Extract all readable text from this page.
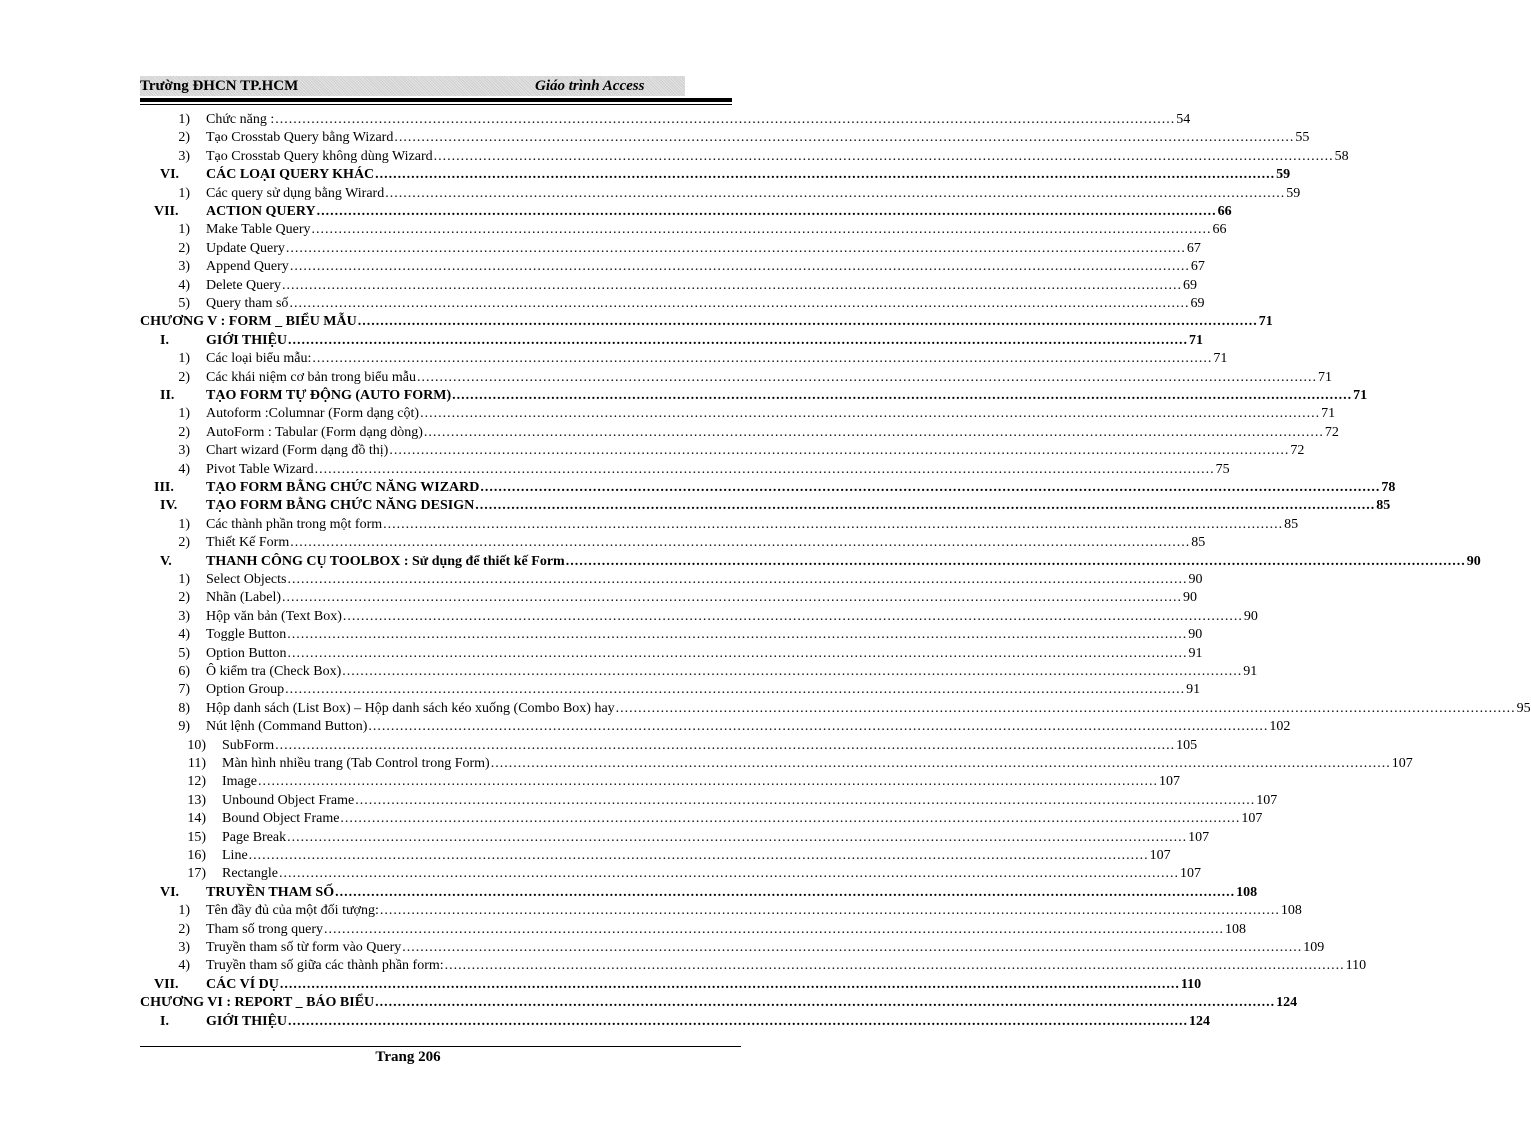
Trường ĐHCN TP.HCM	Giáo trình Access
1) Chức năng : ........................................................................................................................................................................................................ 54
2) Tạo Crosstab Query bằng Wizard ........................................................................................................................................................................................................ 55
3) Tạo Crosstab Query không dùng Wizard ........................................................................................................................................................................................................ 58
VI.	CÁC LOẠI QUERY KHÁC ........................................................................................................................................................................................................ 59
1) Các query sử dụng bằng Wirard ........................................................................................................................................................................................................ 59
VII.	ACTION QUERY ........................................................................................................................................................................................................ 66
1) Make Table Query ........................................................................................................................................................................................................ 66
2) Update Query ........................................................................................................................................................................................................ 67
3) Append Query ........................................................................................................................................................................................................ 67
4) Delete Query ........................................................................................................................................................................................................ 69
5) Query tham số ........................................................................................................................................................................................................ 69
CHƯƠNG V : FORM _ BIỂU MẪU ........................................................................................................................................................................................................ 71
I.	GIỚI THIỆU ........................................................................................................................................................................................................ 71
1) Các loại biểu mẫu: ........................................................................................................................................................................................................ 71
2) Các khái niệm cơ bản trong biểu mẫu ........................................................................................................................................................................................................ 71
II.	TẠO FORM TỰ ĐỘNG (AUTO FORM) ........................................................................................................................................................................................................ 71
1) Autoform :Columnar (Form dạng cột) ........................................................................................................................................................................................................ 71
2) AutoForm : Tabular (Form dạng dòng) ........................................................................................................................................................................................................ 72
3) Chart wizard (Form dạng đồ thị) ........................................................................................................................................................................................................ 72
4) Pivot Table Wizard ........................................................................................................................................................................................................ 75
III.	TẠO FORM BẰNG CHỨC NĂNG WIZARD ........................................................................................................................................................................................................ 78
IV.	TẠO FORM BẰNG CHỨC NĂNG DESIGN ........................................................................................................................................................................................................ 85
1) Các thành phần trong một form ........................................................................................................................................................................................................ 85
2) Thiết Kế Form ........................................................................................................................................................................................................ 85
V.	THANH CÔNG CỤ TOOLBOX : Sử dụng để thiết kế Form ........................................................................................................................................................................................................ 90
1) Select Objects ........................................................................................................................................................................................................ 90
2) Nhãn (Label) ........................................................................................................................................................................................................ 90
3) Hộp văn bản (Text Box) ........................................................................................................................................................................................................ 90
4) Toggle Button ........................................................................................................................................................................................................ 90
5) Option Button ........................................................................................................................................................................................................ 91
6) Ô kiểm tra (Check Box) ........................................................................................................................................................................................................ 91
7) Option Group ........................................................................................................................................................................................................ 91
8) Hộp danh sách (List Box) – Hộp danh sách kéo xuống (Combo Box) hay ........................................................................................................................................................................................................ 95
9) Nút lệnh (Command Button) ........................................................................................................................................................................................................ 102
10) SubForm ........................................................................................................................................................................................................ 105
11) Màn hình nhiều trang (Tab Control trong Form) ........................................................................................................................................................................................................ 107
12) Image ........................................................................................................................................................................................................ 107
13) Unbound Object Frame ........................................................................................................................................................................................................ 107
14) Bound Object Frame ........................................................................................................................................................................................................ 107
15) Page Break ........................................................................................................................................................................................................ 107
16) Line ........................................................................................................................................................................................................ 107
17) Rectangle ........................................................................................................................................................................................................ 107
VI.	TRUYỀN THAM SỐ ........................................................................................................................................................................................................ 108
1) Tên đầy đủ của một đối tượng: ........................................................................................................................................................................................................ 108
2) Tham số trong query ........................................................................................................................................................................................................ 108
3) Truyền tham số từ form vào Query ........................................................................................................................................................................................................ 109
4) Truyền tham số giữa các thành phần form: ........................................................................................................................................................................................................ 110
VII.	CÁC VÍ DỤ ........................................................................................................................................................................................................ 110
CHƯƠNG VI : REPORT _ BÁO BIỂU ........................................................................................................................................................................................................ 124
I.	GIỚI THIỆU ........................................................................................................................................................................................................ 124
Trang 206
